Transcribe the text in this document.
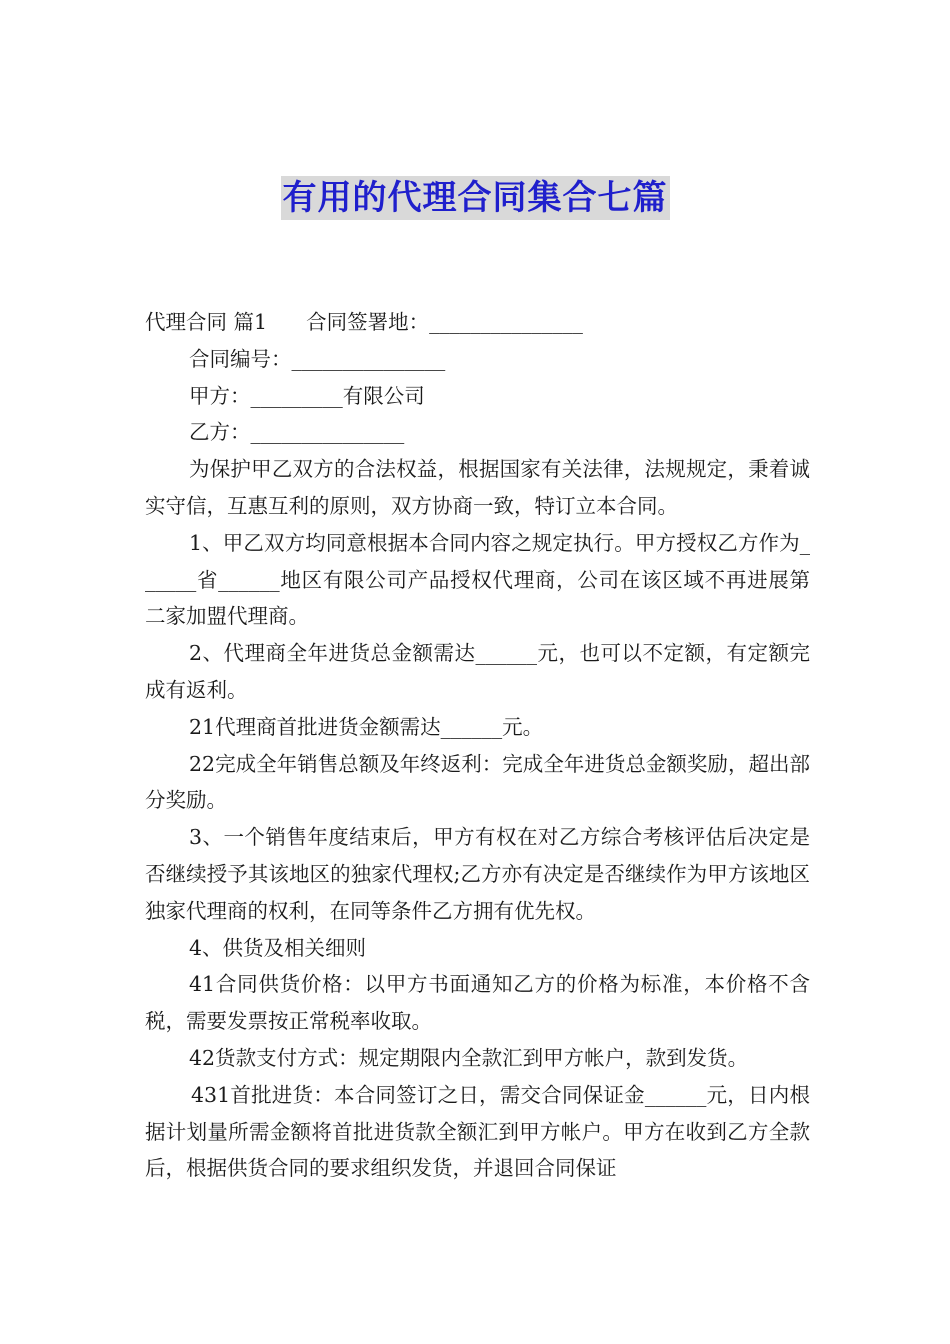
有用的代理合同集合七篇

代理合同 篇1      合同签署地：_______________

合同编号：_______________

甲方：_________有限公司

乙方：_______________

为保护甲乙双方的合法权益，根据国家有关法律，法规规定，秉着诚实守信，互惠互利的原则，双方协商一致，特订立本合同。

1、甲乙双方均同意根据本合同内容之规定执行。甲方授权乙方作为______省______地区有限公司产品授权代理商，公司在该区域不再进展第二家加盟代理商。

2、代理商全年进货总金额需达______元，也可以不定额，有定额完成有返利。

21代理商首批进货金额需达______元。

22完成全年销售总额及年终返利：完成全年进货总金额奖励，超出部分奖励。

3、一个销售年度结束后，甲方有权在对乙方综合考核评估后决定是否继续授予其该地区的独家代理权;乙方亦有决定是否继续作为甲方该地区独家代理商的权利，在同等条件乙方拥有优先权。

4、供货及相关细则

41合同供货价格：以甲方书面通知乙方的价格为标准，本价格不含税，需要发票按正常税率收取。

42货款支付方式：规定期限内全款汇到甲方帐户，款到发货。

431首批进货：本合同签订之日，需交合同保证金______元，日内根据计划量所需金额将首批进货款全额汇到甲方帐户。甲方在收到乙方全款后，根据供货合同的要求组织发货，并退回合同保证
